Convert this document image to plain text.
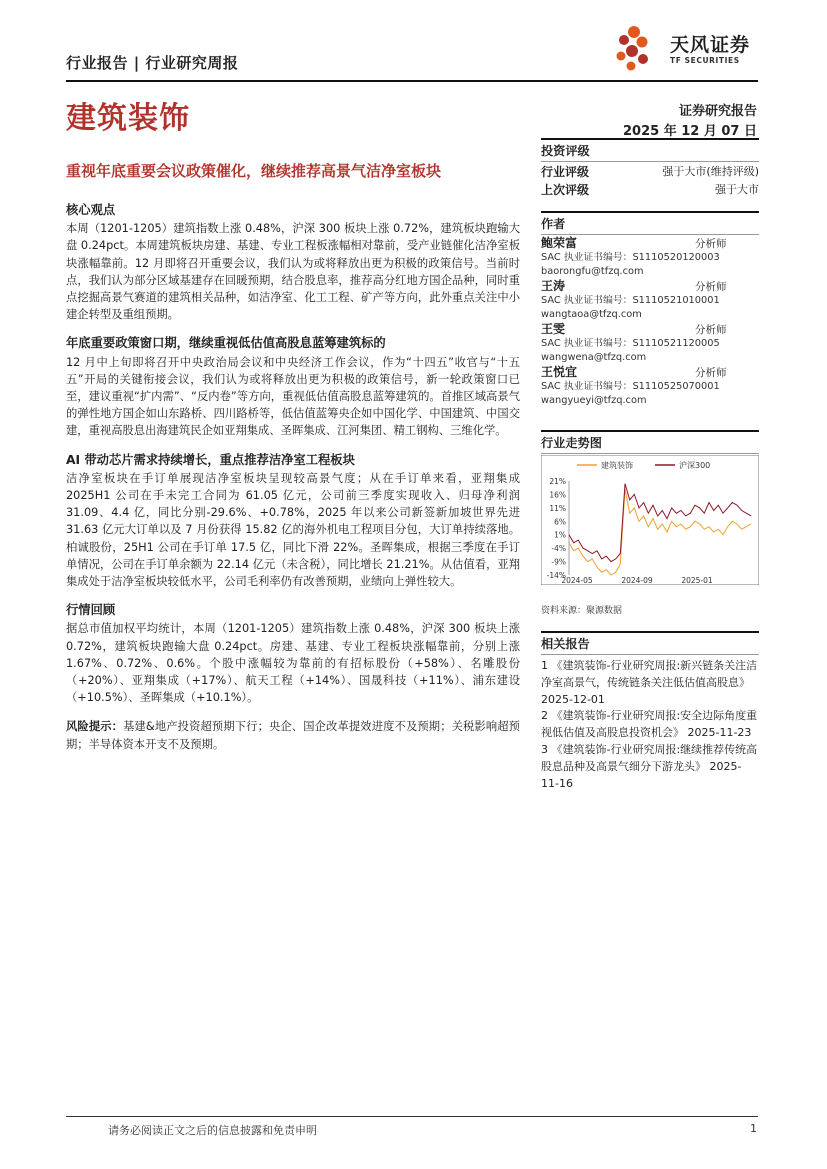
行业报告 | 行业研究周报
天风证券
TF SECURITIES
建筑装饰	证券研究报告
2025 年 12 月 07 日
重视年底重要会议政策催化，继续推荐高景气洁净室板块
核心观点
本周（1201-1205）建筑指数上涨 0.48%，沪深 300 板块上涨 0.72%，建筑板块跑输大盘 0.24pct。本周建筑板块房建、基建、专业工程板涨幅相对靠前，受产业链催化洁净室板块涨幅靠前。12 月即将召开重要会议，我们认为或将释放出更为积极的政策信号。当前时点，我们认为部分区域基建存在回暖预期，结合股息率，推荐高分红地方国企品种，同时重点挖掘高景气赛道的建筑相关品种，如洁净室、化工工程、矿产等方向，此外重点关注中小建企转型及重组预期。
年底重要政策窗口期，继续重视低估值高股息蓝筹建筑标的
12 月中上旬即将召开中央政治局会议和中央经济工作会议，作为“十四五”收官与“十五五”开局的关键衔接会议，我们认为或将释放出更为积极的政策信号，新一轮政策窗口已至，建议重视“扩内需”、“反内卷”等方向，重视低估值高股息蓝筹建筑的。首推区域高景气的弹性地方国企如山东路桥、四川路桥等，低估值蓝筹央企如中国化学、中国建筑、中国交建，重视高股息出海建筑民企如亚翔集成、圣晖集成、江河集团、精工钢构、三维化学。
AI 带动芯片需求持续增长，重点推荐洁净室工程板块
洁净室板块在手订单展现洁净室板块呈现较高景气度；从在手订单来看，亚翔集成 2025H1 公司在手未完工合同为 61.05 亿元，公司前三季度实现收入、归母净利润 31.09、4.4 亿，同比分别-29.6%、+0.78%，2025 年以来公司新签新加坡世界先进 31.63 亿元大订单以及 7 月份获得 15.82 亿的海外机电工程项目分包，大订单持续落地。柏诚股份，25H1 公司在手订单 17.5 亿，同比下滑 22%。圣晖集成，根据三季度在手订单情况，公司在手订单余额为 22.14 亿元（未含税），同比增长 21.21%。从估值看，亚翔集成处于洁净室板块较低水平，公司毛利率仍有改善预期，业绩向上弹性较大。
行情回顾
据总市值加权平均统计，本周（1201-1205）建筑指数上涨 0.48%，沪深 300 板块上涨 0.72%，建筑板块跑输大盘 0.24pct。房建、基建、专业工程板块涨幅靠前，分别上涨 1.67%、0.72%、0.6%。个股中涨幅较为靠前的有招标股份（+58%）、名雕股份（+20%）、亚翔集成（+17%）、航天工程（+14%）、国晟科技（+11%）、浦东建设（+10.5%）、圣晖集成（+10.1%）。
风险提示：基建&地产投资超预期下行；央企、国企改革提效进度不及预期；关税影响超预期；半导体资本开支不及预期。
投资评级
行业评级	强于大市(维持评级)
上次评级	强于大市
作者
鲍荣富	分析师
SAC 执业证书编号：S1110520120003
baorongfu@tfzq.com
王涛	分析师
SAC 执业证书编号：S1110521010001
wangtaoa@tfzq.com
王雯	分析师
SAC 执业证书编号：S1110521120005
wangwena@tfzq.com
王悦宜	分析师
SAC 执业证书编号：S1110525070001
wangyueyi@tfzq.com
行业走势图
建筑装饰	沪深300
21%
16%
11%
6%
1%
-4%
-9%
-14%
2024-05	2024-09	2025-01
资料来源：聚源数据
相关报告
1 《建筑装饰-行业研究周报:新兴链条关注洁净室高景气，传统链条关注低估值高股息》 2025-12-01
2 《建筑装饰-行业研究周报:安全边际角度重视低估值及高股息投资机会》 2025-11-23
3 《建筑装饰-行业研究周报:继续推荐传统高股息品种及高景气细分下游龙头》 2025-11-16
请务必阅读正文之后的信息披露和免责申明	1
